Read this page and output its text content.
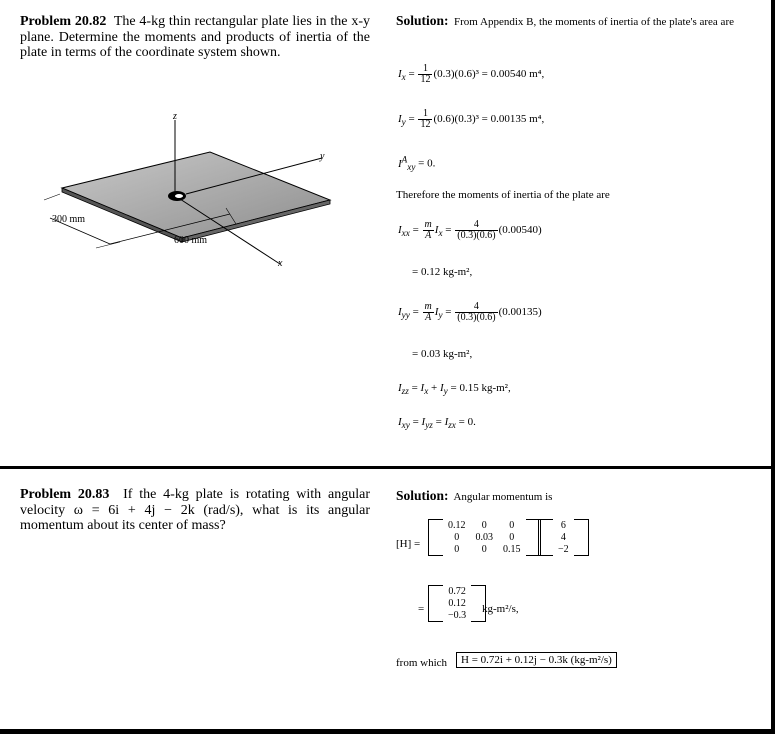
Problem 20.82 The 4-kg thin rectangular plate lies in the x-y plane. Determine the moments and products of inertia of the plate in terms of the coordinate system shown.
z
y
x
300 mm
600 mm
Solution: From Appendix B, the moments of inertia of the plate's area are
$I_x = \frac{1}{12} (0.3)(0.6)^3 = 0.00540$ m⁴,
$I_y = \frac{1}{12} (0.6)(0.3)^3 = 0.00135$ m⁴,
$I^A_{xy} = 0$.
Therefore the moments of inertia of the plate are
$I_{xx} = \frac{m}{A} I_x = \frac{4}{(0.3)(0.6)} (0.00540)$
= 0.12 kg-m²,
$I_{yy} = \frac{m}{A} I_y = \frac{4}{(0.3)(0.6)} (0.00135)$
= 0.03 kg-m²,
$I_{zz} = I_x + I_y = 0.15$ kg-m²,
$I_{xy} = I_{yz} = I_{zx} = 0$.
Problem 20.83 If the 4-kg plate is rotating with angular velocity ω = 6i + 4j − 2k (rad/s), what is its angular momentum about its center of mass?
Solution: Angular momentum is
[H] =
	0.12	0	0	
	0	0.03	0	
	0	0	0.15	
	6	
4
−2
=
	0.72	
0.12
−0.3 kg-m²/s,
from which	H = 0.72i + 0.12j − 0.3k (kg-m²/s)
